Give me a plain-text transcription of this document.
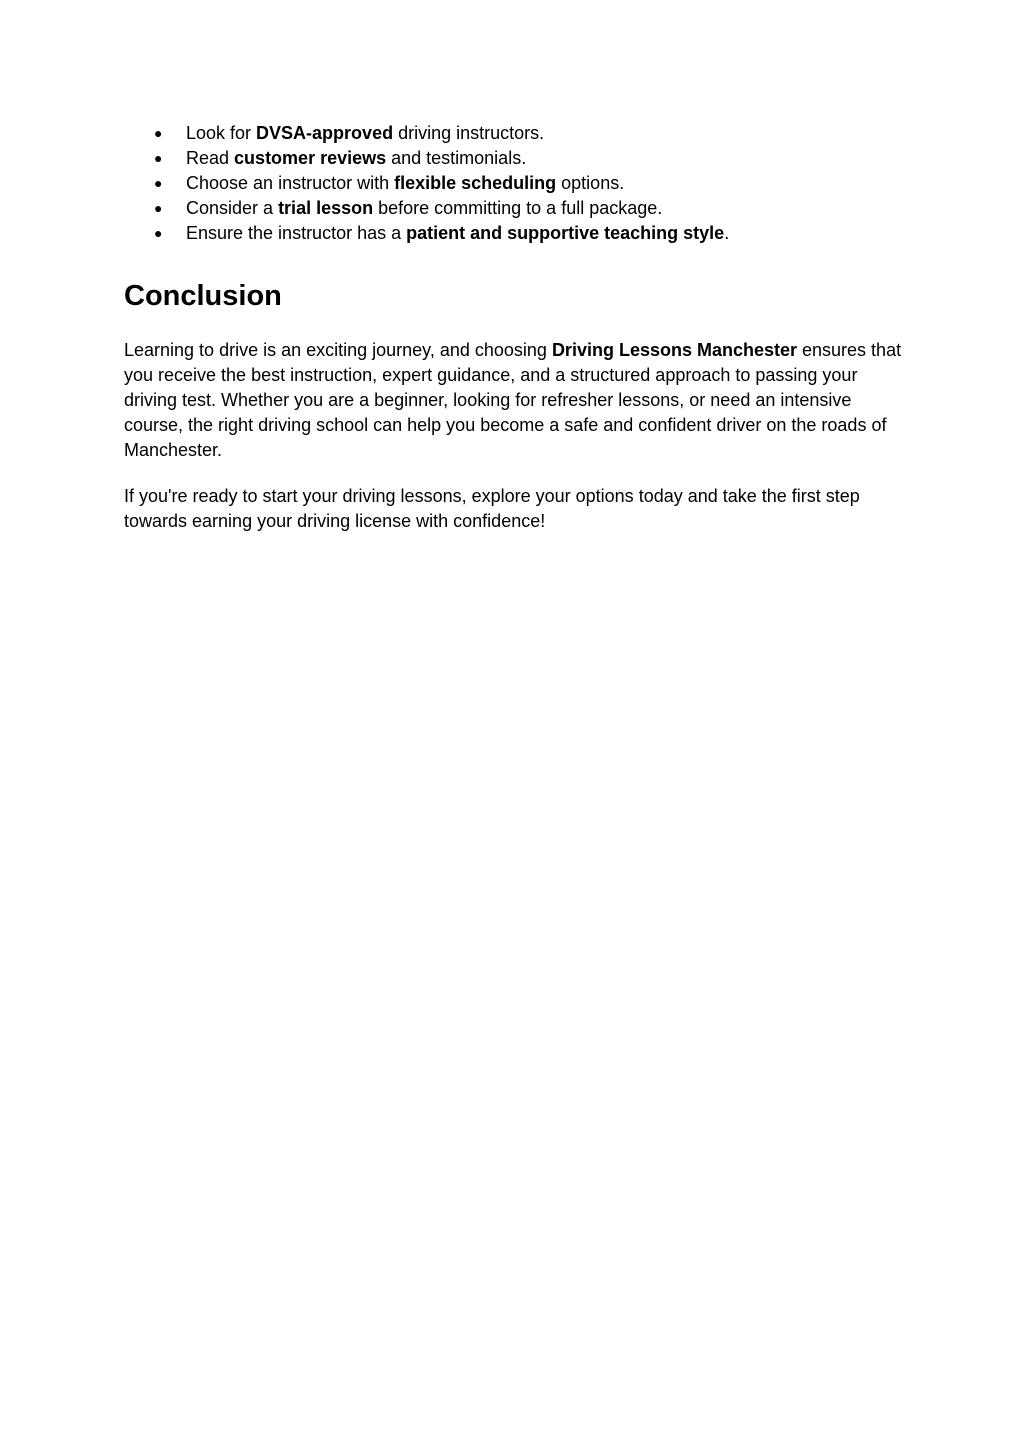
● Look for DVSA-approved driving instructors.
● Read customer reviews and testimonials.
● Choose an instructor with flexible scheduling options.
● Consider a trial lesson before committing to a full package.
● Ensure the instructor has a patient and supportive teaching style.
Conclusion

Learning to drive is an exciting journey, and choosing Driving Lessons Manchester ensures that you receive the best instruction, expert guidance, and a structured approach to passing your driving test. Whether you are a beginner, looking for refresher lessons, or need an intensive course, the right driving school can help you become a safe and confident driver on the roads of Manchester.

If you're ready to start your driving lessons, explore your options today and take the first step towards earning your driving license with confidence!
